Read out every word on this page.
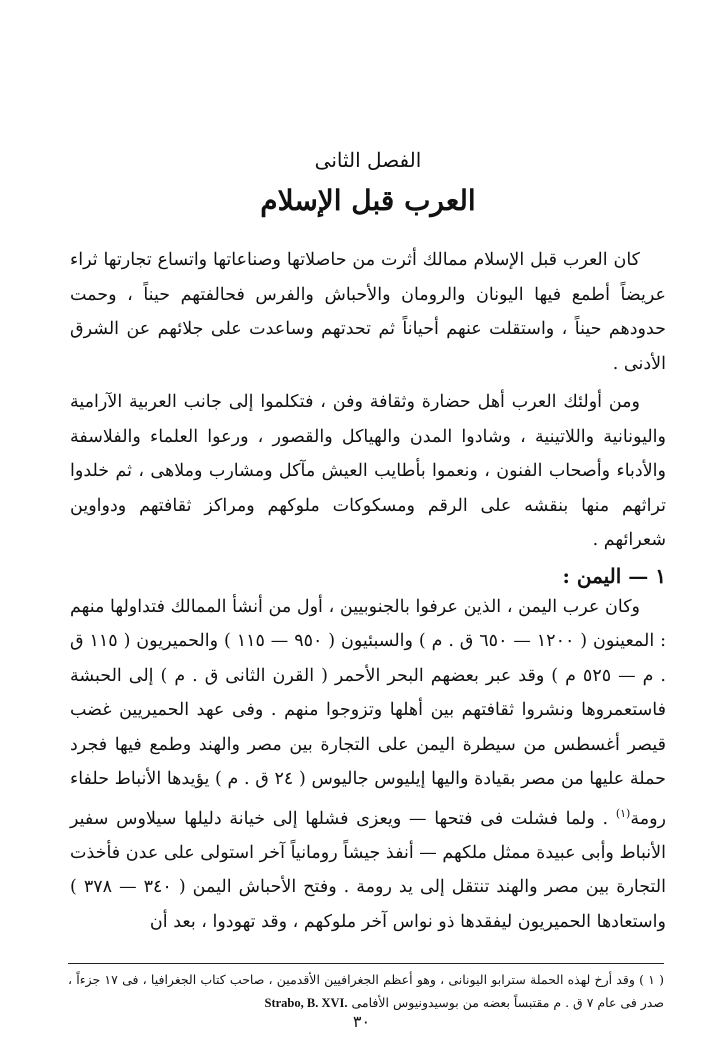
الفصل الثانى
العرب قبل الإسلام

كان العرب قبل الإسلام ممالك أثرت من حاصلاتها وصناعاتها واتساع تجارتها ثراء عريضاً أطمع فيها اليونان والرومان والأحباش والفرس فحالفتهم حيناً ، وحمت حدودهم حيناً ، واستقلت عنهم أحياناً ثم تحدتهم وساعدت على جلائهم عن الشرق الأدنى .

ومن أولئك العرب أهل حضارة وثقافة وفن ، فتكلموا إلى جانب العربية الآرامية واليونانية واللاتينية ، وشادوا المدن والهياكل والقصور ، ورعوا العلماء والفلاسفة والأدباء وأصحاب الفنون ، ونعموا بأطايب العيش مآكل ومشارب وملاهى ، ثم خلدوا تراثهم منها بنقشه على الرقم ومسكوكات ملوكهم ومراكز ثقافتهم ودواوين شعرائهم .

١ — اليمن :

وكان عرب اليمن ، الذين عرفوا بالجنوبيين ، أول من أنشأ الممالك فتداولها منهم : المعينون ( ١٢٠٠ — ٦٥٠ ق . م ) والسبئيون ( ٩٥٠ — ١١٥ ) والحميريون ( ١١٥ ق . م — ٥٢٥ م ) وقد عبر بعضهم البحر الأحمر ( القرن الثانى ق . م ) إلى الحبشة فاستعمروها ونشروا ثقافتهم بين أهلها وتزوجوا منهم . وفى عهد الحميريين غضب قيصر أغسطس من سيطرة اليمن على التجارة بين مصر والهند وطمع فيها فجرد حملة عليها من مصر بقيادة واليها إيليوس جاليوس ( ٢٤ ق . م ) يؤيدها الأنباط حلفاء رومة$^{(١)}$ . ولما فشلت فى فتحها — ويعزى فشلها إلى خيانة دليلها سيلاوس سفير الأنباط وأبى عبيدة ممثل ملكهم — أنفذ جيشاً رومانياً آخر استولى على عدن فأخذت التجارة بين مصر والهند تنتقل إلى يد رومة . وفتح الأحباش اليمن ( ٣٤٠ — ٣٧٨ ) واستعادها الحميريون ليفقدها ذو نواس آخر ملوكهم ، وقد تهودوا ، بعد أن

( ١ ) وقد أرخ لهذه الحملة سترابو اليونانى ، وهو أعظم الجغرافيين الأقدمين ، صاحب كتاب الجغرافيا ، فى ١٧ جزءاً ، صدر فى عام ٧ ق . م مقتبساً بعضه من بوسيدونيوس الأفامى Strabo, B. XVI.
٣٠
